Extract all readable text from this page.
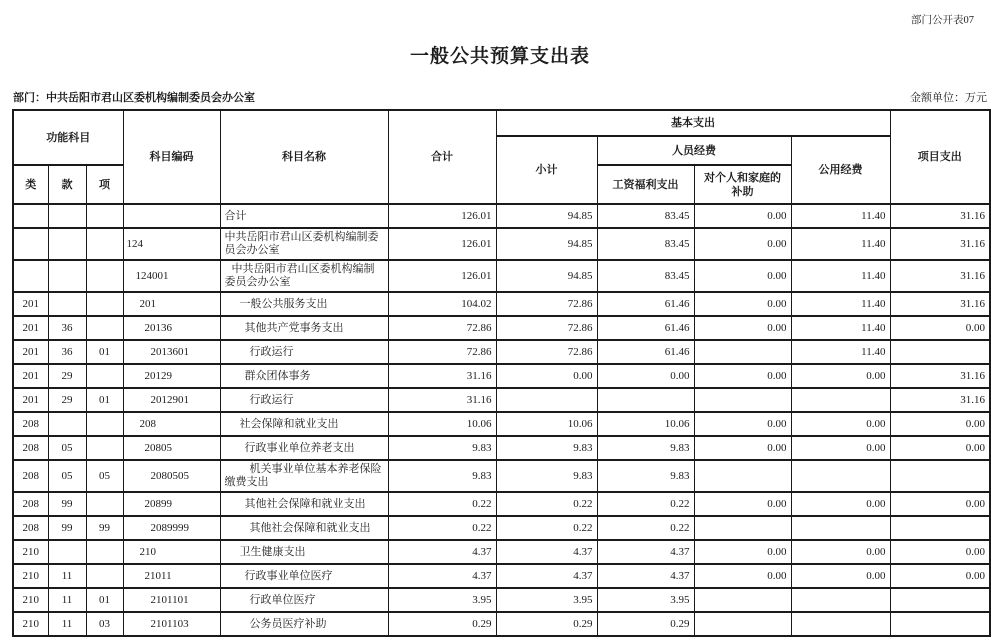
部门公开表07
一般公共预算支出表
部门：中共岳阳市君山区委机构编制委员会办公室	金额单位：万元
功能科目			科目编码	科目名称	合计	基本支出				项目支出
						小计	人员经费		公用经费	
类	款	项					工资福利支出	对个人和家庭的补助		
				合计	126.01	94.85	83.45	0.00	11.40	31.16
			124	中共岳阳市君山区委机构编制委员会办公室	126.01	94.85	83.45	0.00	11.40	31.16
			124001	中共岳阳市君山区委机构编制委员会办公室	126.01	94.85	83.45	0.00	11.40	31.16
201			201	一般公共服务支出	104.02	72.86	61.46	0.00	11.40	31.16
201	36		20136	其他共产党事务支出	72.86	72.86	61.46	0.00	11.40	0.00
201	36	01	2013601	行政运行	72.86	72.86	61.46		11.40	
201	29		20129	群众团体事务	31.16	0.00	0.00	0.00	0.00	31.16
201	29	01	2012901	行政运行	31.16					31.16
208			208	社会保障和就业支出	10.06	10.06	10.06	0.00	0.00	0.00
208	05		20805	行政事业单位养老支出	9.83	9.83	9.83	0.00	0.00	0.00
208	05	05	2080505	机关事业单位基本养老保险缴费支出	9.83	9.83	9.83			
208	99		20899	其他社会保障和就业支出	0.22	0.22	0.22	0.00	0.00	0.00
208	99	99	2089999	其他社会保障和就业支出	0.22	0.22	0.22			
210			210	卫生健康支出	4.37	4.37	4.37	0.00	0.00	0.00
210	11		21011	行政事业单位医疗	4.37	4.37	4.37	0.00	0.00	0.00
210	11	01	2101101	行政单位医疗	3.95	3.95	3.95			
210	11	03	2101103	公务员医疗补助	0.29	0.29	0.29			
